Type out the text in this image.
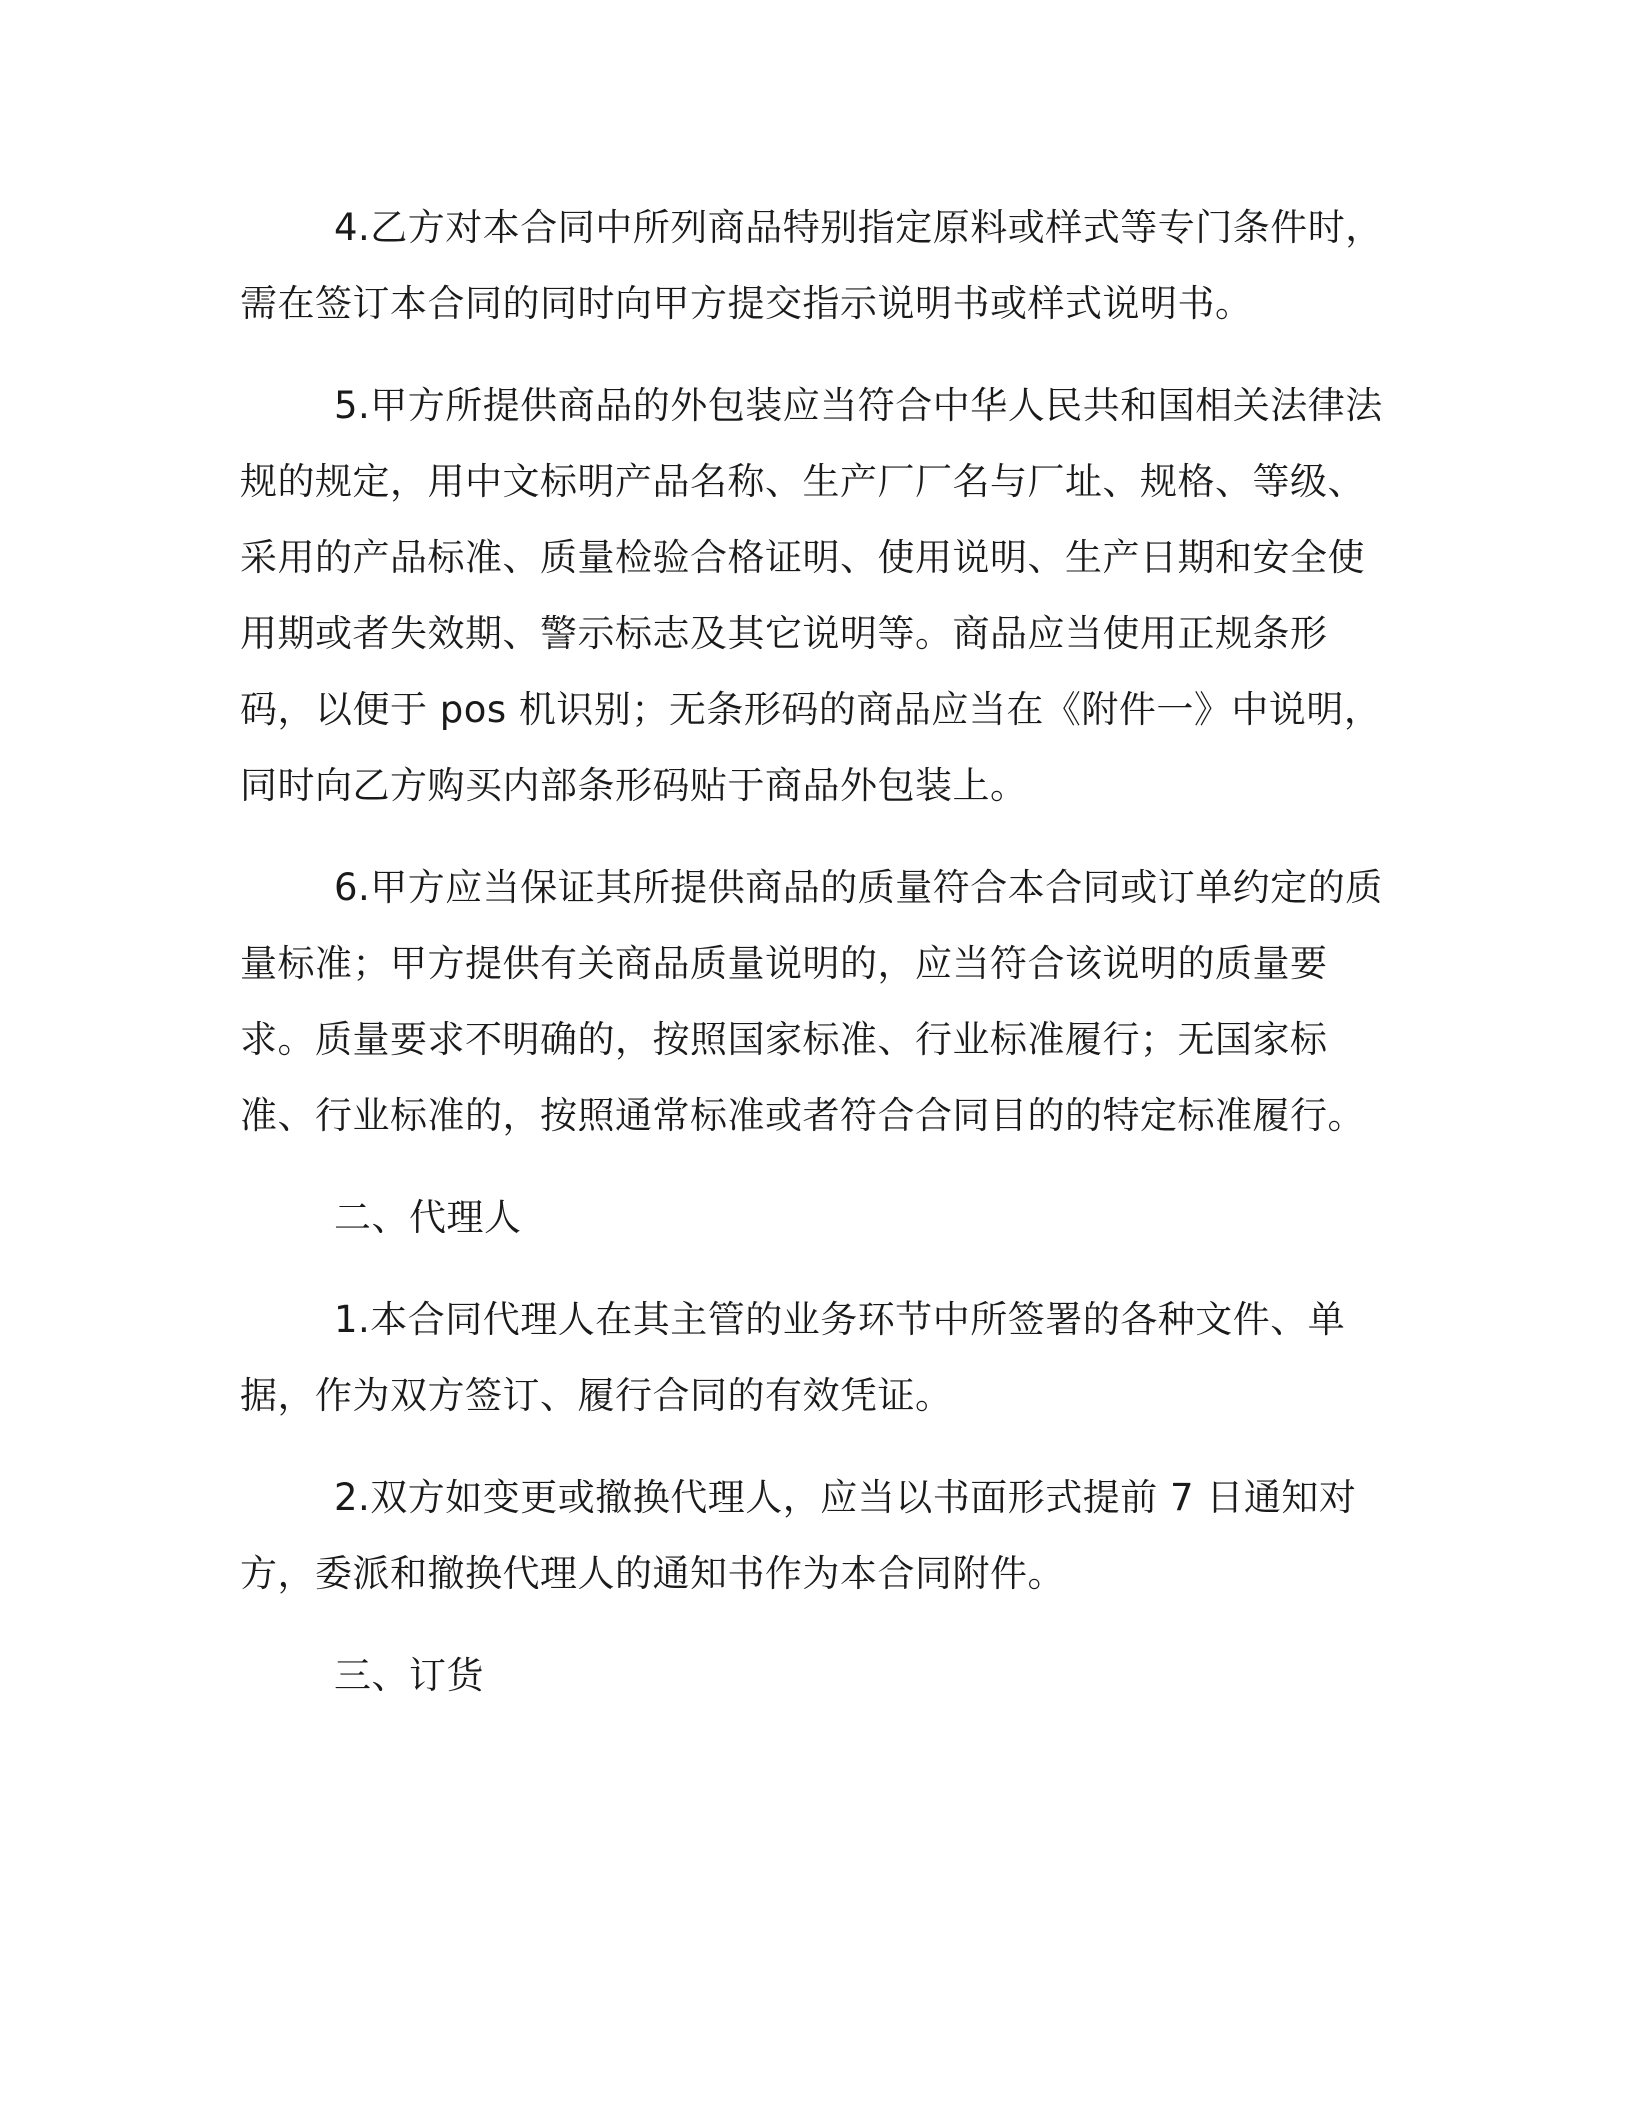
4.乙方对本合同中所列商品特别指定原料或样式等专门条件时，
需在签订本合同的同时向甲方提交指示说明书或样式说明书。
5.甲方所提供商品的外包装应当符合中华人民共和国相关法律法
规的规定，用中文标明产品名称、生产厂厂名与厂址、规格、等级、
采用的产品标准、质量检验合格证明、使用说明、生产日期和安全使
用期或者失效期、警示标志及其它说明等。商品应当使用正规条形
码，以便于 pos 机识别；无条形码的商品应当在《附件一》中说明，
同时向乙方购买内部条形码贴于商品外包装上。
6.甲方应当保证其所提供商品的质量符合本合同或订单约定的质
量标准；甲方提供有关商品质量说明的，应当符合该说明的质量要
求。质量要求不明确的，按照国家标准、行业标准履行；无国家标
准、行业标准的，按照通常标准或者符合合同目的的特定标准履行。
二、代理人
1.本合同代理人在其主管的业务环节中所签署的各种文件、单
据，作为双方签订、履行合同的有效凭证。
2.双方如变更或撤换代理人，应当以书面形式提前 7 日通知对
方，委派和撤换代理人的通知书作为本合同附件。
三、订货
